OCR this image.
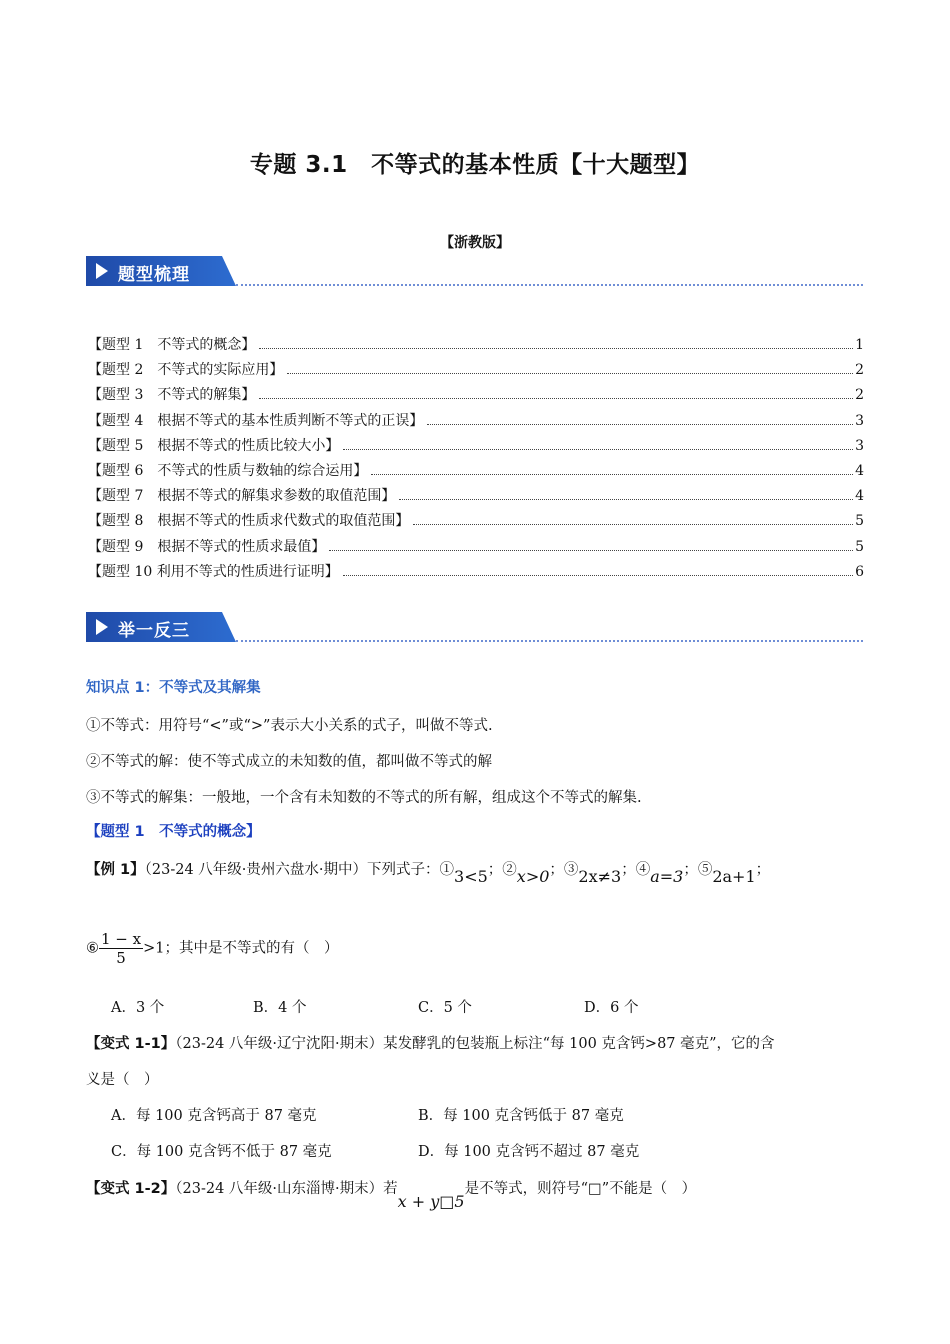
专题 3.1　不等式的基本性质【十大题型】
【浙教版】
题型梳理
【题型 1　不等式的概念】	1
【题型 2　不等式的实际应用】	2
【题型 3　不等式的解集】	2
【题型 4　根据不等式的基本性质判断不等式的正误】	3
【题型 5　根据不等式的性质比较大小】	3
【题型 6　不等式的性质与数轴的综合运用】	4
【题型 7　根据不等式的解集求参数的取值范围】	4
【题型 8　根据不等式的性质求代数式的取值范围】	5
【题型 9　根据不等式的性质求最值】	5
【题型 10 利用不等式的性质进行证明】	6
举一反三
知识点 1：不等式及其解集
①不等式：用符号“<”或“>”表示大小关系的式子，叫做不等式.
②不等式的解：使不等式成立的未知数的值，都叫做不等式的解
③不等式的解集：一般地，一个含有未知数的不等式的所有解，组成这个不等式的解集.
【题型 1　不等式的概念】
【例 1】（23-24 八年级·贵州六盘水·期中）下列式子：①3<5；②x>0；③2x≠3；④a=3；⑤2a+1；
⑥ $\frac{1 - x}{5} >1$；其中是不等式的有（　）
A．3 个	B．4 个	C．5 个	D．6 个
【变式 1-1】（23-24 八年级·辽宁沈阳·期末）某发酵乳的包装瓶上标注“每 100 克含钙>87 毫克”，它的含
义是（　）
A．每 100 克含钙高于 87 毫克	B．每 100 克含钙低于 87 毫克
C．每 100 克含钙不低于 87 毫克	D．每 100 克含钙不超过 87 毫克
【变式 1-2】（23-24 八年级·山东淄博·期末）若x + y□5是不等式，则符号“□”不能是（　）
